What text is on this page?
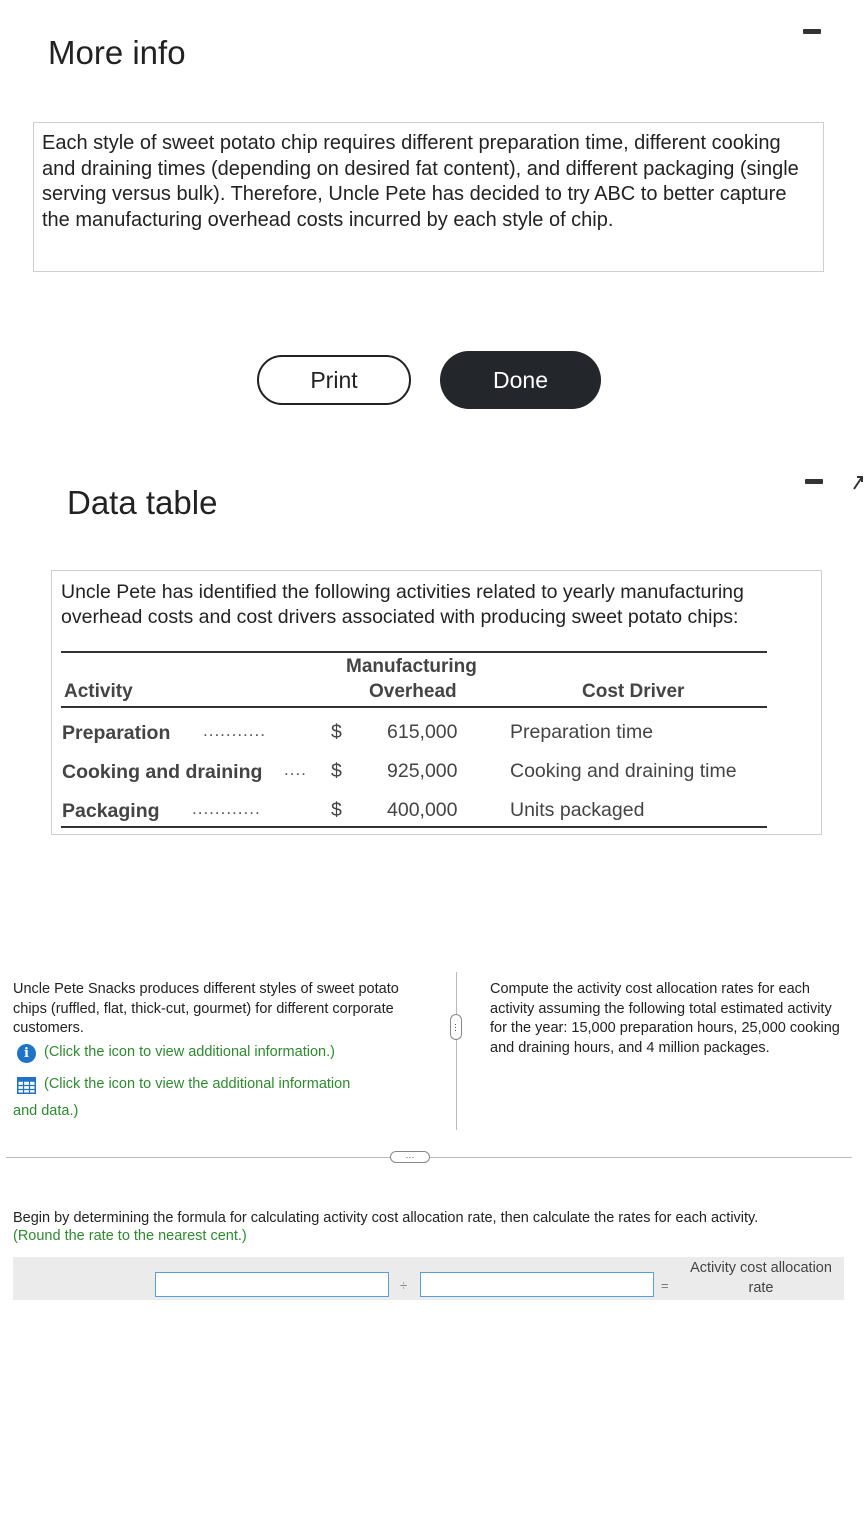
More info
Each style of sweet potato chip requires different preparation time, different cooking and draining times (depending on desired fat content), and different packaging (single serving versus bulk). Therefore, Uncle Pete has decided to try ABC to better capture the manufacturing overhead costs incurred by each style of chip.
Print	Done
Data table
Uncle Pete has identified the following activities related to yearly manufacturing overhead costs and cost drivers associated with producing sweet potato chips:
Manufacturing
Activity	Overhead	Cost Driver
Preparation ...........	$ 615,000	Preparation time
Cooking and draining .... $ 925,000	Cooking and draining time
Packaging ............	$ 400,000	Units packaged
Uncle Pete Snacks produces different styles of sweet potato chips (ruffled, flat, thick-cut, gourmet) for different corporate customers.
i	(Click the icon to view additional information.)
(Click the icon to view the additional information
and data.)
⋯
Compute the activity cost allocation rates for each activity assuming the following total estimated activity for the year: 15,000 preparation hours, 25,000 cooking and draining hours, and 4 million packages.
⋯
Begin by determining the formula for calculating activity cost allocation rate, then calculate the rates for each activity.
(Round the rate to the nearest cent.)
÷	=
Activity cost allocation
rate
